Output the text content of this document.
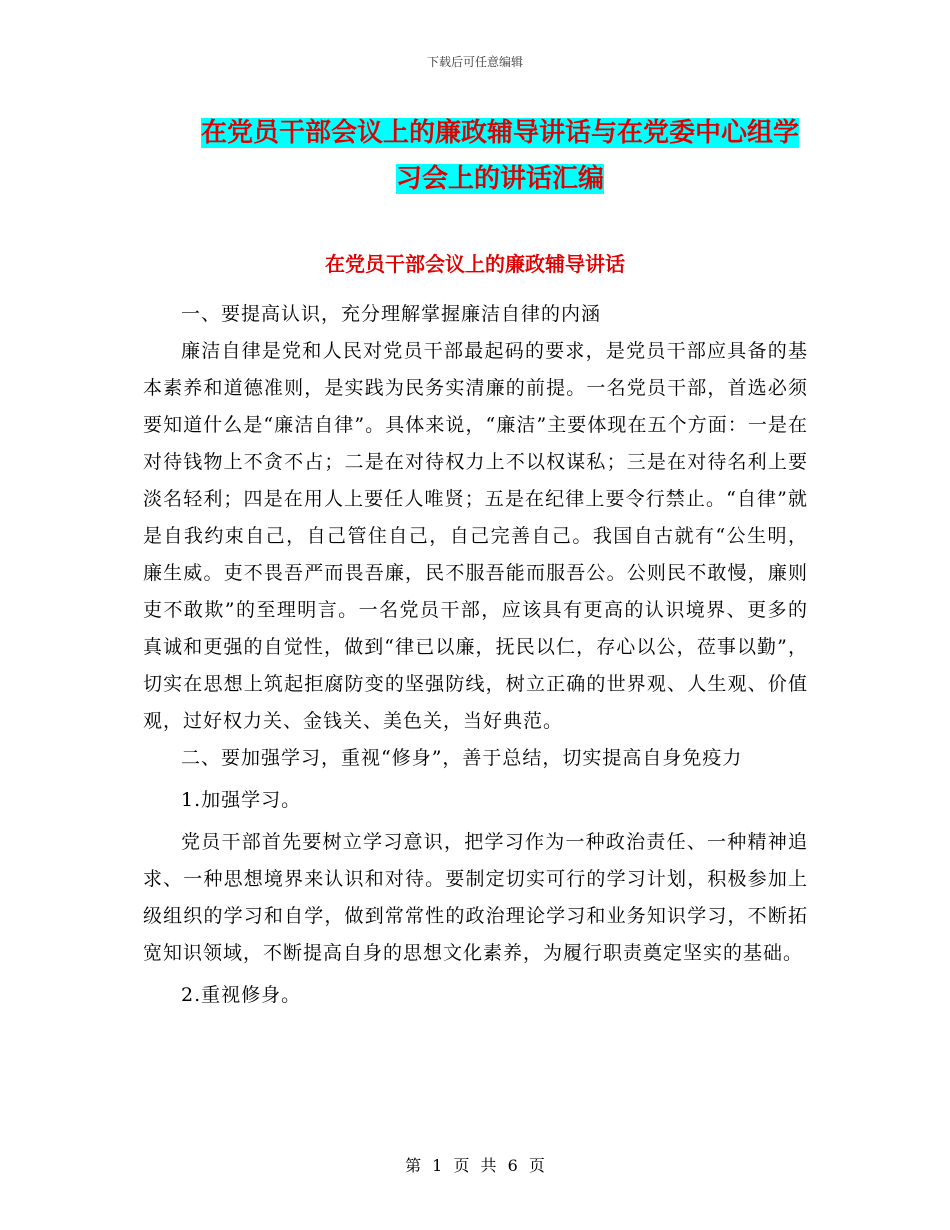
下载后可任意编辑
在党员干部会议上的廉政辅导讲话与在党委中心组学
习会上的讲话汇编
在党员干部会议上的廉政辅导讲话

一、要提高认识，充分理解掌握廉洁自律的内涵

廉洁自律是党和人民对党员干部最起码的要求，是党员干部应具备的基本素养和道德准则，是实践为民务实清廉的前提。一名党员干部，首选必须要知道什么是“廉洁自律”。具体来说，“廉洁”主要体现在五个方面：一是在对待钱物上不贪不占；二是在对待权力上不以权谋私；三是在对待名利上要淡名轻利；四是在用人上要任人唯贤；五是在纪律上要令行禁止。“自律”就是自我约束自己，自己管住自己，自己完善自己。我国自古就有“公生明，廉生威。吏不畏吾严而畏吾廉，民不服吾能而服吾公。公则民不敢慢，廉则吏不敢欺”的至理明言。一名党员干部，应该具有更高的认识境界、更多的真诚和更强的自觉性，做到“律已以廉，抚民以仁，存心以公，莅事以勤”，切实在思想上筑起拒腐防变的坚强防线，树立正确的世界观、人生观、价值观，过好权力关、金钱关、美色关，当好典范。

二、要加强学习，重视“修身”，善于总结，切实提高自身免疫力

1.加强学习。

党员干部首先要树立学习意识，把学习作为一种政治责任、一种精神追求、一种思想境界来认识和对待。要制定切实可行的学习计划，积极参加上级组织的学习和自学，做到常常性的政治理论学习和业务知识学习，不断拓宽知识领域，不断提高自身的思想文化素养，为履行职责奠定坚实的基础。

2.重视修身。

第 1 页 共 6 页
